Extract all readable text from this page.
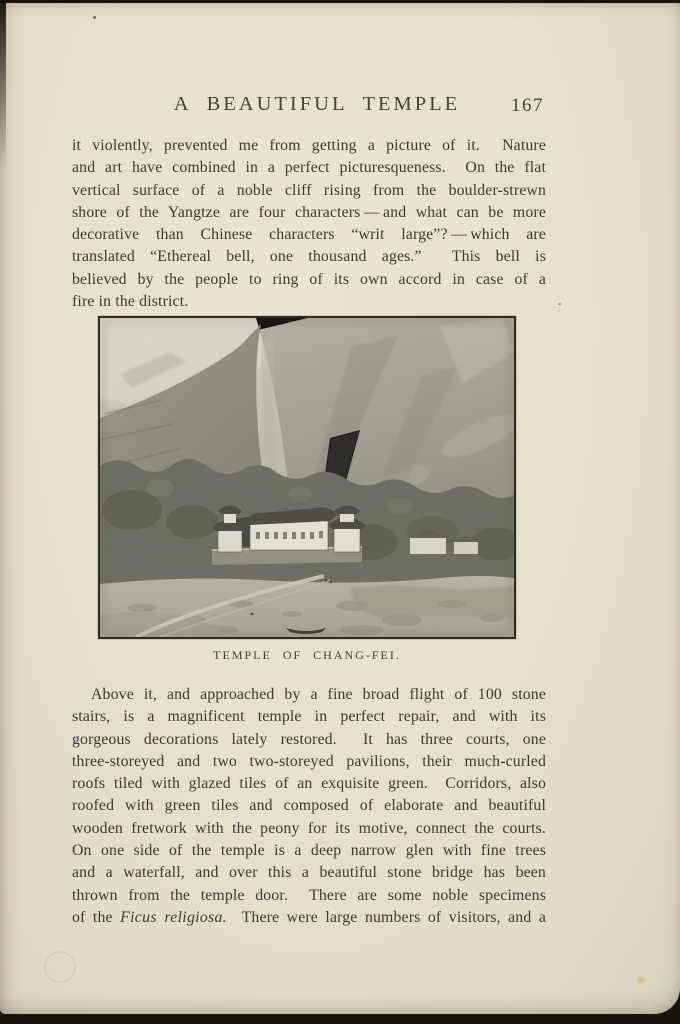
A BEAUTIFUL TEMPLE	167
it violently, prevented me from getting a picture of it.  Nature
and art have combined in a perfect picturesqueness.  On the flat
vertical surface of a noble cliff rising from the boulder-strewn
shore of the Yangtze are four characters — and what can be more
decorative than Chinese characters “writ large”? — which are
translated “Ethereal bell, one thousand ages.”  This bell is
believed by the people to ring of its own accord in case of a
fire in the district.
TEMPLE OF CHANG-FEI.
Above it, and approached by a fine broad flight of 100 stone
stairs, is a magnificent temple in perfect repair, and with its
gorgeous decorations lately restored.  It has three courts, one
three-storeyed and two two-storeyed pavilions, their much-curled
roofs tiled with glazed tiles of an exquisite green.  Corridors, also
roofed with green tiles and composed of elaborate and beautiful
wooden fretwork with the peony for its motive, connect the courts.
On one side of the temple is a deep narrow glen with fine trees
and a waterfall, and over this a beautiful stone bridge has been
thrown from the temple door.  There are some noble specimens
of the Ficus religiosa.  There were large numbers of visitors, and a
